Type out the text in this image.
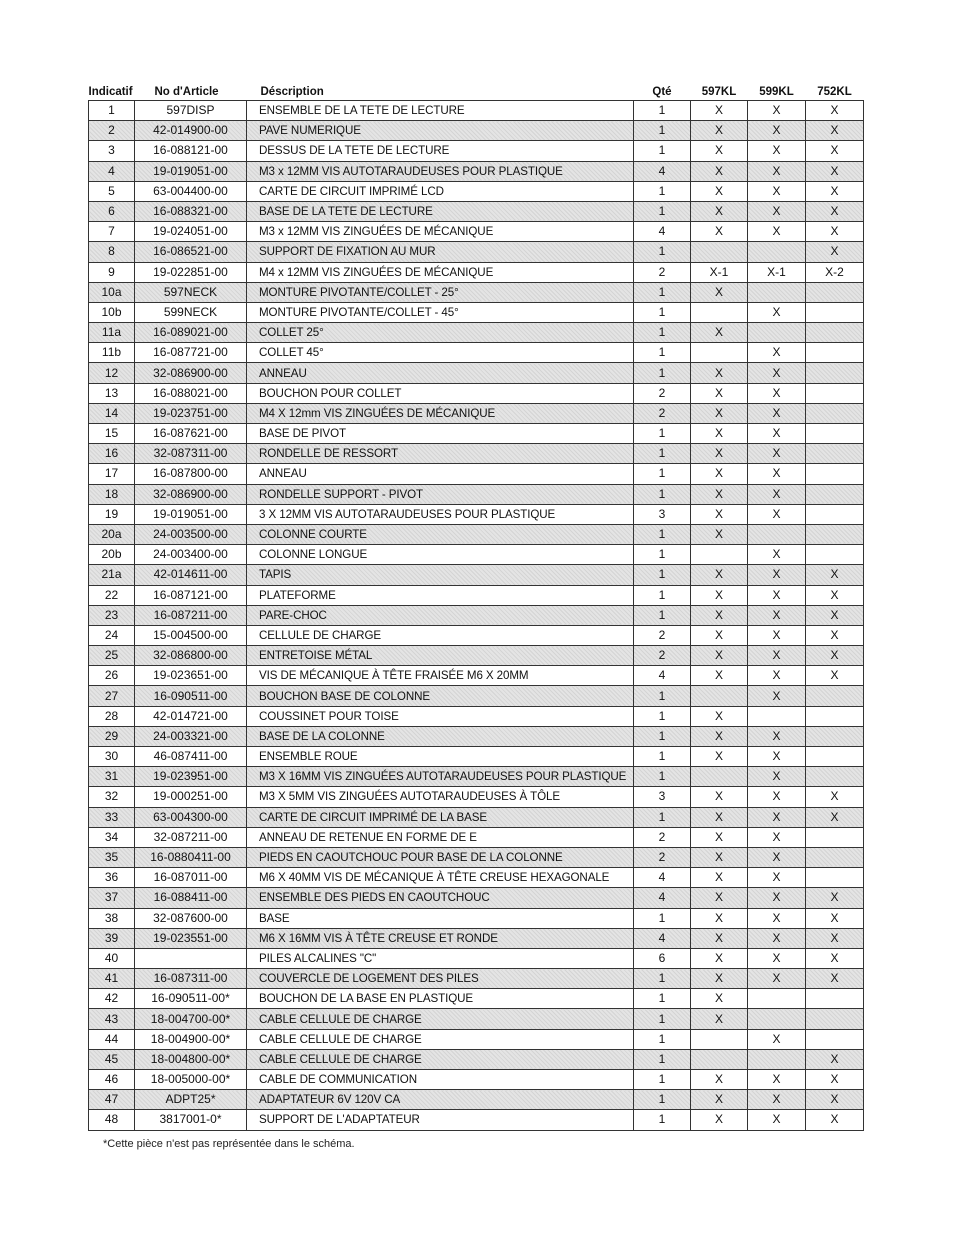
Indicatif	No d'Article	Déscription	Qté	597KL	599KL	752KL
1	597DISP	ENSEMBLE DE LA TETE DE LECTURE	1	X	X	X
2	42-014900-00	PAVE NUMERIQUE	1	X	X	X
3	16-088121-00	DESSUS DE LA TETE DE LECTURE	1	X	X	X
4	19-019051-00	M3 x 12MM VIS AUTOTARAUDEUSES POUR PLASTIQUE	4	X	X	X
5	63-004400-00	CARTE DE CIRCUIT IMPRIMÉ LCD	1	X	X	X
6	16-088321-00	BASE DE LA TETE DE LECTURE	1	X	X	X
7	19-024051-00	M3 x 12MM VIS ZINGUÉES DE MÉCANIQUE	4	X	X	X
8	16-086521-00	SUPPORT DE FIXATION AU MUR	1			X
9	19-022851-00	M4 x 12MM VIS ZINGUÉES DE MÉCANIQUE	2	X-1	X-1	X-2
10a	597NECK	MONTURE PIVOTANTE/COLLET - 25°	1	X		
10b	599NECK	MONTURE PIVOTANTE/COLLET - 45°	1		X	
11a	16-089021-00	COLLET 25°	1	X		
11b	16-087721-00	COLLET 45°	1		X	
12	32-086900-00	ANNEAU	1	X	X	
13	16-088021-00	BOUCHON POUR COLLET	2	X	X	
14	19-023751-00	M4 X 12mm VIS ZINGUÉES DE MÉCANIQUE	2	X	X	
15	16-087621-00	BASE DE PIVOT	1	X	X	
16	32-087311-00	RONDELLE DE RESSORT	1	X	X	
17	16-087800-00	ANNEAU	1	X	X	
18	32-086900-00	RONDELLE SUPPORT - PIVOT	1	X	X	
19	19-019051-00	3 X 12MM VIS AUTOTARAUDEUSES POUR PLASTIQUE	3	X	X	
20a	24-003500-00	COLONNE COURTE	1	X		
20b	24-003400-00	COLONNE LONGUE	1		X	
21a	42-014611-00	TAPIS	1	X	X	X
22	16-087121-00	PLATEFORME	1	X	X	X
23	16-087211-00	PARE-CHOC	1	X	X	X
24	15-004500-00	CELLULE DE CHARGE	2	X	X	X
25	32-086800-00	ENTRETOISE MÉTAL	2	X	X	X
26	19-023651-00	VIS DE MÉCANIQUE À TÊTE FRAISÉE M6 X 20MM	4	X	X	X
27	16-090511-00	BOUCHON BASE DE COLONNE	1		X	
28	42-014721-00	COUSSINET POUR TOISE	1	X		
29	24-003321-00	BASE DE LA COLONNE	1	X	X	
30	46-087411-00	ENSEMBLE ROUE	1	X	X	
31	19-023951-00	M3 X 16MM VIS ZINGUÉES AUTOTARAUDEUSES POUR PLASTIQUE	1		X	
32	19-000251-00	M3 X 5MM VIS ZINGUÉES AUTOTARAUDEUSES À TÔLE	3	X	X	X
33	63-004300-00	CARTE DE CIRCUIT IMPRIMÉ DE LA BASE	1	X	X	X
34	32-087211-00	ANNEAU DE RETENUE EN FORME DE E	2	X	X	
35	16-0880411-00	PIEDS EN CAOUTCHOUC POUR BASE DE LA COLONNE	2	X	X	
36	16-087011-00	M6 X 40MM VIS DE MÉCANIQUE À TÊTE CREUSE HEXAGONALE	4	X	X	
37	16-088411-00	ENSEMBLE DES PIEDS EN CAOUTCHOUC	4	X	X	X
38	32-087600-00	BASE	1	X	X	X
39	19-023551-00	M6 X 16MM VIS À TÊTE CREUSE ET RONDE	4	X	X	X
40		PILES ALCALINES "C"	6	X	X	X
41	16-087311-00	COUVERCLE DE LOGEMENT DES PILES	1	X	X	X
42	16-090511-00*	BOUCHON DE LA BASE EN PLASTIQUE	1	X		
43	18-004700-00*	CABLE CELLULE DE CHARGE	1	X		
44	18-004900-00*	CABLE CELLULE DE CHARGE	1		X	
45	18-004800-00*	CABLE CELLULE DE CHARGE	1			X
46	18-005000-00*	CABLE DE COMMUNICATION	1	X	X	X
47	ADPT25*	ADAPTATEUR 6V 120V CA	1	X	X	X
48	3817001-0*	SUPPORT DE L'ADAPTATEUR	1	X	X	X
*Cette pièce n'est pas représentée dans le schéma.
